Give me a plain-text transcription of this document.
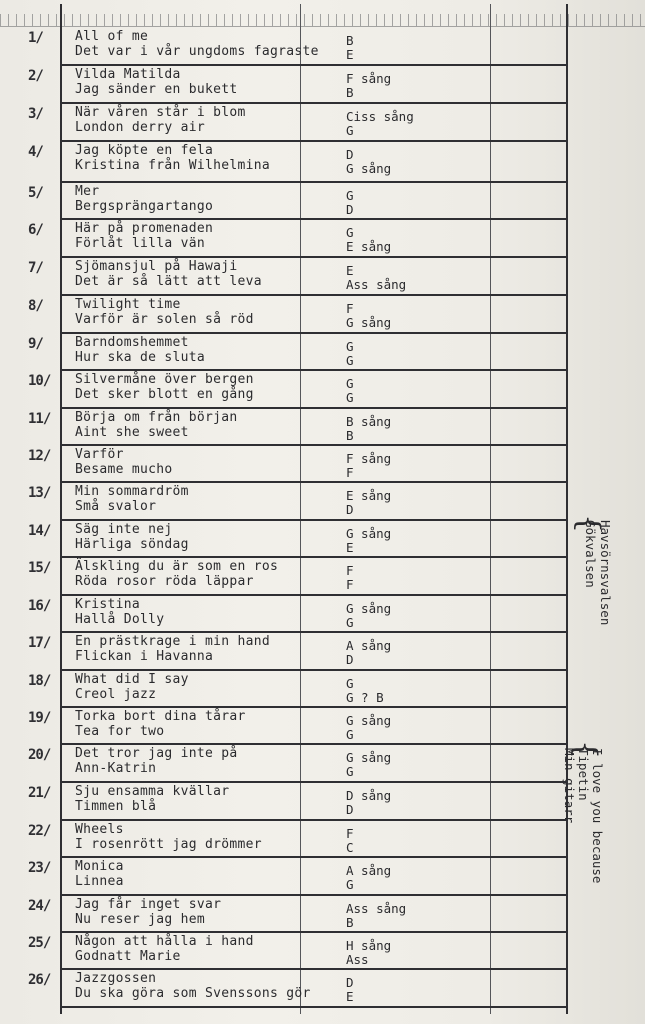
1/ All of me
Det var i vår ungdoms fagraste
B
E
2/ Vilda Matilda
Jag sänder en bukett
F sång
B
3/ När våren står i blom
London derry air
Ciss sång
G
4/ Jag köpte en fela
Kristina från Wilhelmina
D
G sång
5/ Mer
Bergsprängartango
G
D
6/ Här på promenaden
Förlåt lilla vän
G
E sång
7/ Sjömansjul på Hawaji
Det är så lätt att leva
E
Ass sång
8/ Twilight time
Varför är solen så röd
F
G sång
9/ Barndomshemmet
Hur ska de sluta
G
G
10/ Silvermåne över bergen
Det sker blott en gång
G
G
11/ Börja om från början
Aint she sweet
B sång
B
12/ Varför
Besame mucho
F sång
F
13/ Min sommardröm
Små svalor
E sång
D
14/ Säg inte nej
Härliga söndag
G sång
E
15/ Älskling du är som en ros
Röda rosor röda läppar
F
F
16/ Kristina
Hallå Dolly
G sång
G
17/ En prästkrage i min hand
Flickan i Havanna
A sång
D
18/ What did I say
Creol jazz
G
G ? B
19/ Torka bort dina tårar
Tea for two
G sång
G
20/ Det tror jag inte på
Ann-Katrin
G sång
G
21/ Sju ensamma kvällar
Timmen blå
D sång
D
22/ Wheels
I rosenrött jag drömmer
F
C
23/ Monica
Linnea
A sång
G
24/ Jag får inget svar
Nu reser jag hem
Ass sång
B
25/ Någon att hålla i hand
Godnatt Marie
H sång
Ass
26/ Jazzgossen
Du ska göra som Svenssons gör
D
E
{
Havsörnsvalsen
Gökvalsen
{
I love you because
Tipetin
Min gitarr
